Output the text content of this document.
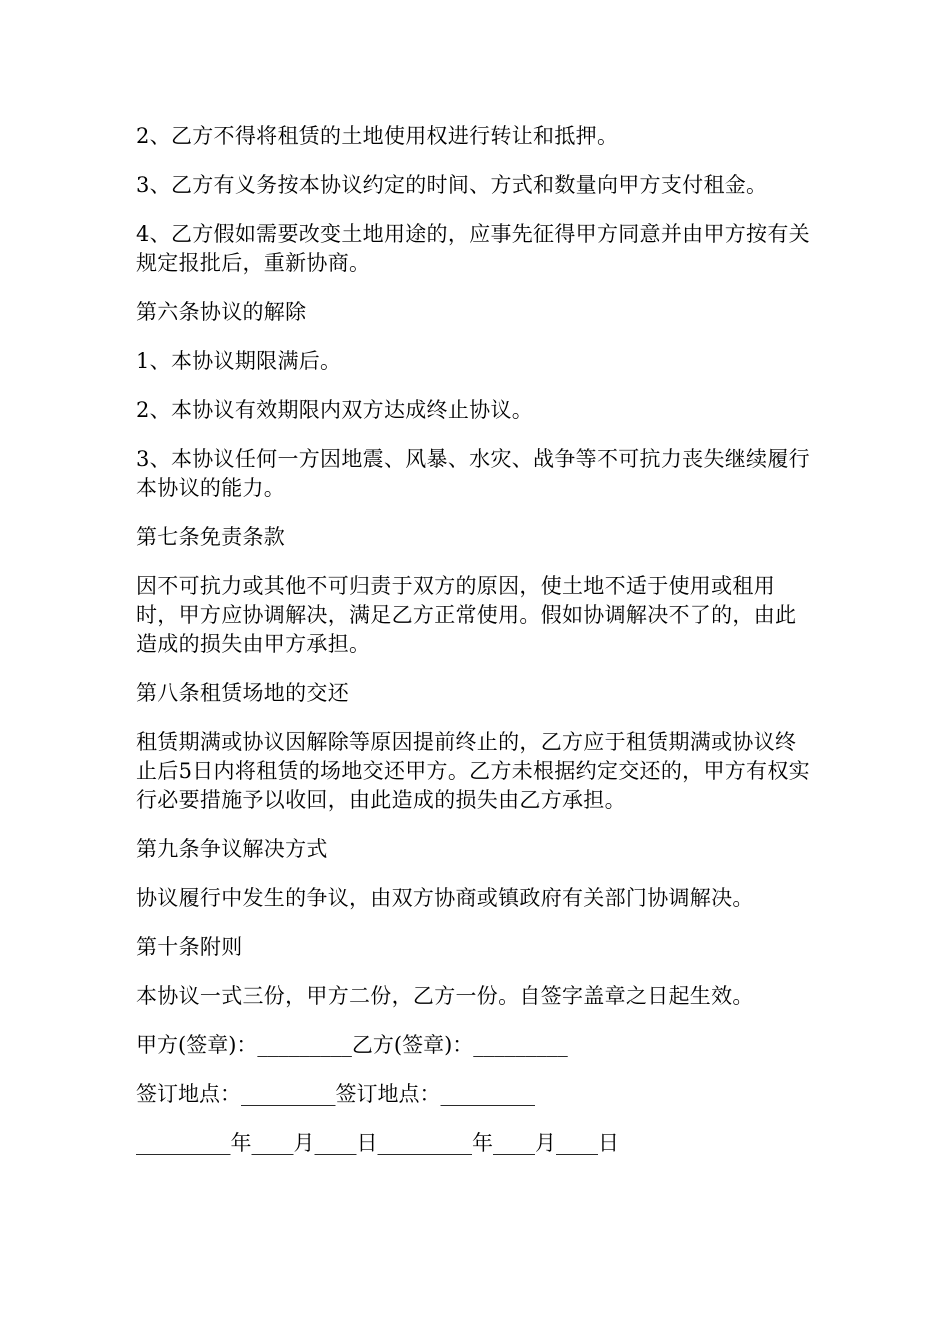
2、乙方不得将租赁的土地使用权进行转让和抵押。

3、乙方有义务按本协议约定的时间、方式和数量向甲方支付租金。

4、乙方假如需要改变土地用途的，应事先征得甲方同意并由甲方按有关规定报批后，重新协商。

第六条协议的解除

1、本协议期限满后。

2、本协议有效期限内双方达成终止协议。

3、本协议任何一方因地震、风暴、水灾、战争等不可抗力丧失继续履行本协议的能力。

第七条免责条款

因不可抗力或其他不可归责于双方的原因，使土地不适于使用或租用时，甲方应协调解决，满足乙方正常使用。假如协调解决不了的，由此造成的损失由甲方承担。

第八条租赁场地的交还

租赁期满或协议因解除等原因提前终止的，乙方应于租赁期满或协议终止后5日内将租赁的场地交还甲方。乙方未根据约定交还的，甲方有权实行必要措施予以收回，由此造成的损失由乙方承担。

第九条争议解决方式

协议履行中发生的争议，由双方协商或镇政府有关部门协调解决。

第十条附则

本协议一式三份，甲方二份，乙方一份。自签字盖章之日起生效。

甲方(签章)：_________乙方(签章)：_________

签订地点：_________签订地点：_________

_________年____月____日_________年____月____日
